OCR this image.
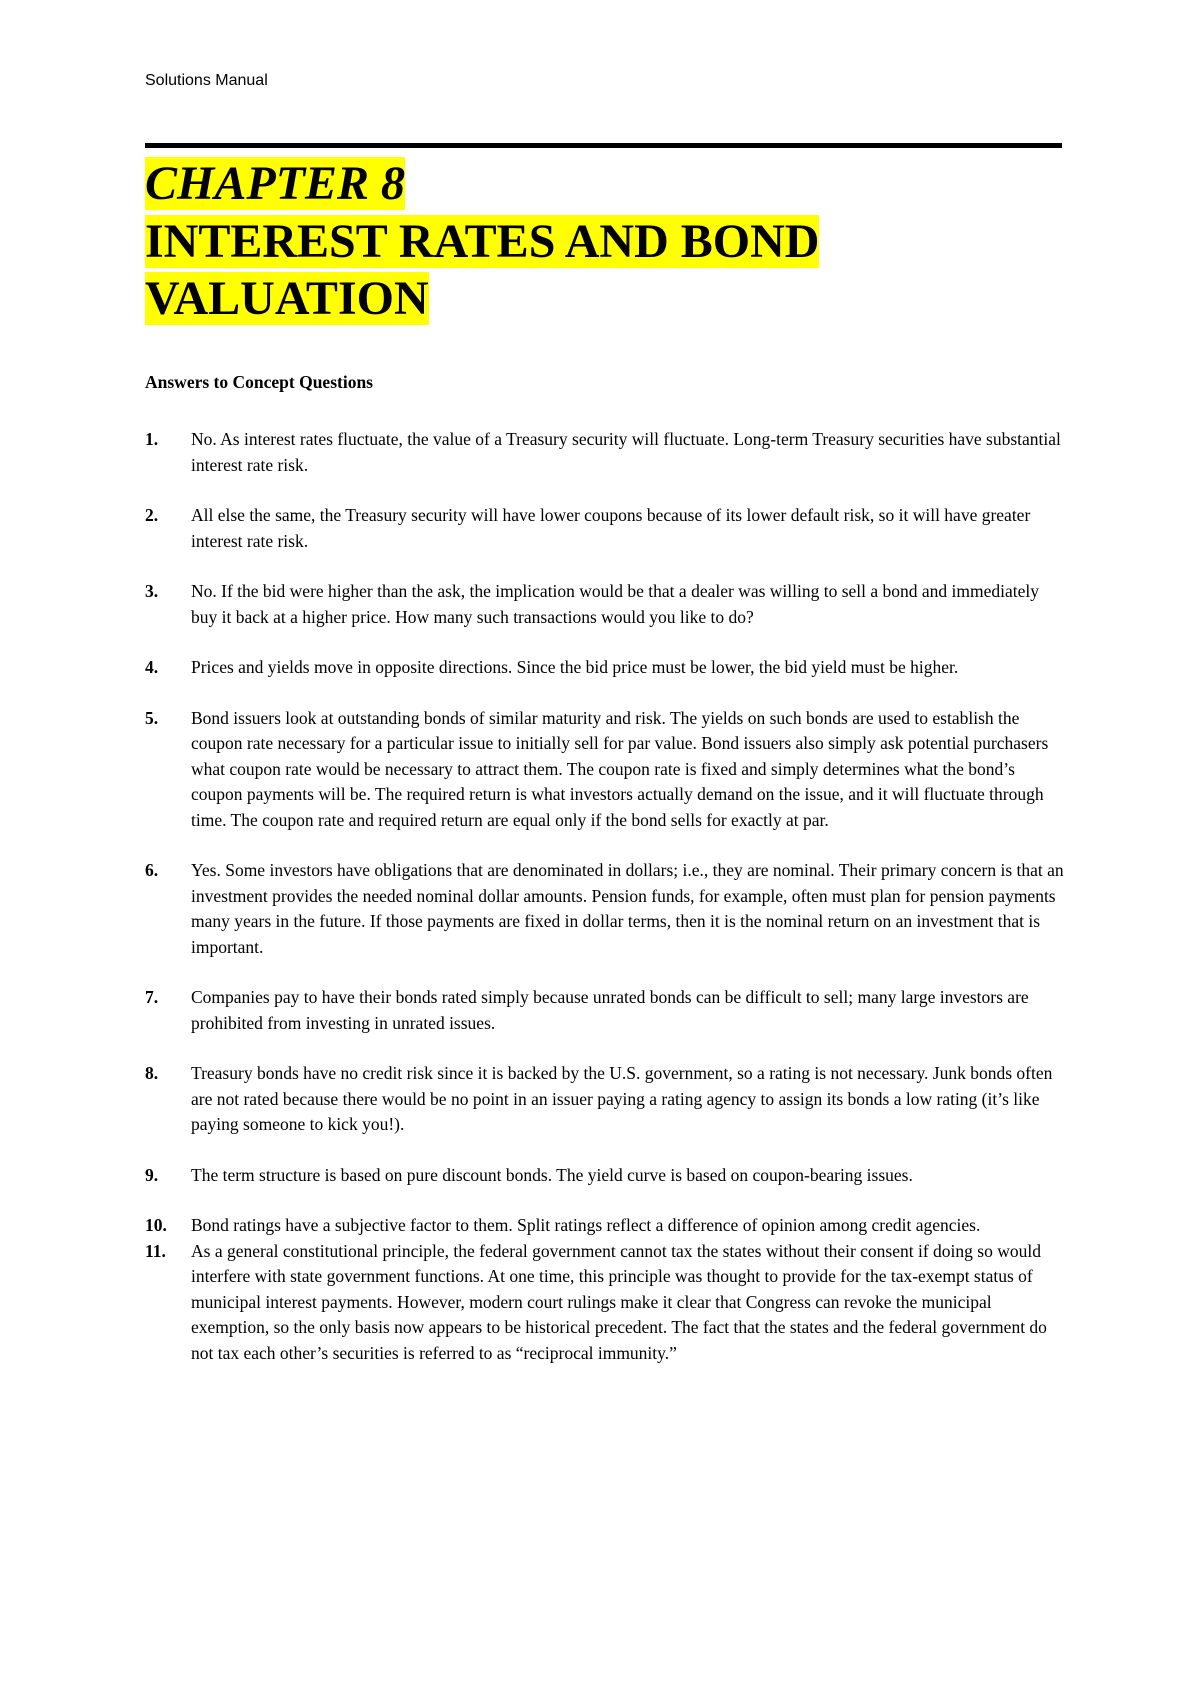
Solutions Manual
CHAPTER 8
INTEREST RATES AND BOND
VALUATION
Answers to Concept Questions
1. No. As interest rates fluctuate, the value of a Treasury security will fluctuate. Long-term Treasury securities have substantial interest rate risk.
2. All else the same, the Treasury security will have lower coupons because of its lower default risk, so it will have greater interest rate risk.
3. No. If the bid were higher than the ask, the implication would be that a dealer was willing to sell a bond and immediately buy it back at a higher price. How many such transactions would you like to do?
4. Prices and yields move in opposite directions. Since the bid price must be lower, the bid yield must be higher.
5. Bond issuers look at outstanding bonds of similar maturity and risk. The yields on such bonds are used to establish the coupon rate necessary for a particular issue to initially sell for par value. Bond issuers also simply ask potential purchasers what coupon rate would be necessary to attract them. The coupon rate is fixed and simply determines what the bond’s coupon payments will be. The required return is what investors actually demand on the issue, and it will fluctuate through time. The coupon rate and required return are equal only if the bond sells for exactly at par.
6. Yes. Some investors have obligations that are denominated in dollars; i.e., they are nominal. Their primary concern is that an investment provides the needed nominal dollar amounts. Pension funds, for example, often must plan for pension payments many years in the future. If those payments are fixed in dollar terms, then it is the nominal return on an investment that is important.
7. Companies pay to have their bonds rated simply because unrated bonds can be difficult to sell; many large investors are prohibited from investing in unrated issues.
8. Treasury bonds have no credit risk since it is backed by the U.S. government, so a rating is not necessary. Junk bonds often are not rated because there would be no point in an issuer paying a rating agency to assign its bonds a low rating (it’s like paying someone to kick you!).
9. The term structure is based on pure discount bonds. The yield curve is based on coupon-bearing issues.
10. Bond ratings have a subjective factor to them. Split ratings reflect a difference of opinion among credit agencies.
11. As a general constitutional principle, the federal government cannot tax the states without their consent if doing so would interfere with state government functions. At one time, this principle was thought to provide for the tax-exempt status of municipal interest payments. However, modern court rulings make it clear that Congress can revoke the municipal exemption, so the only basis now appears to be historical precedent. The fact that the states and the federal government do not tax each other’s securities is referred to as “reciprocal immunity.”
